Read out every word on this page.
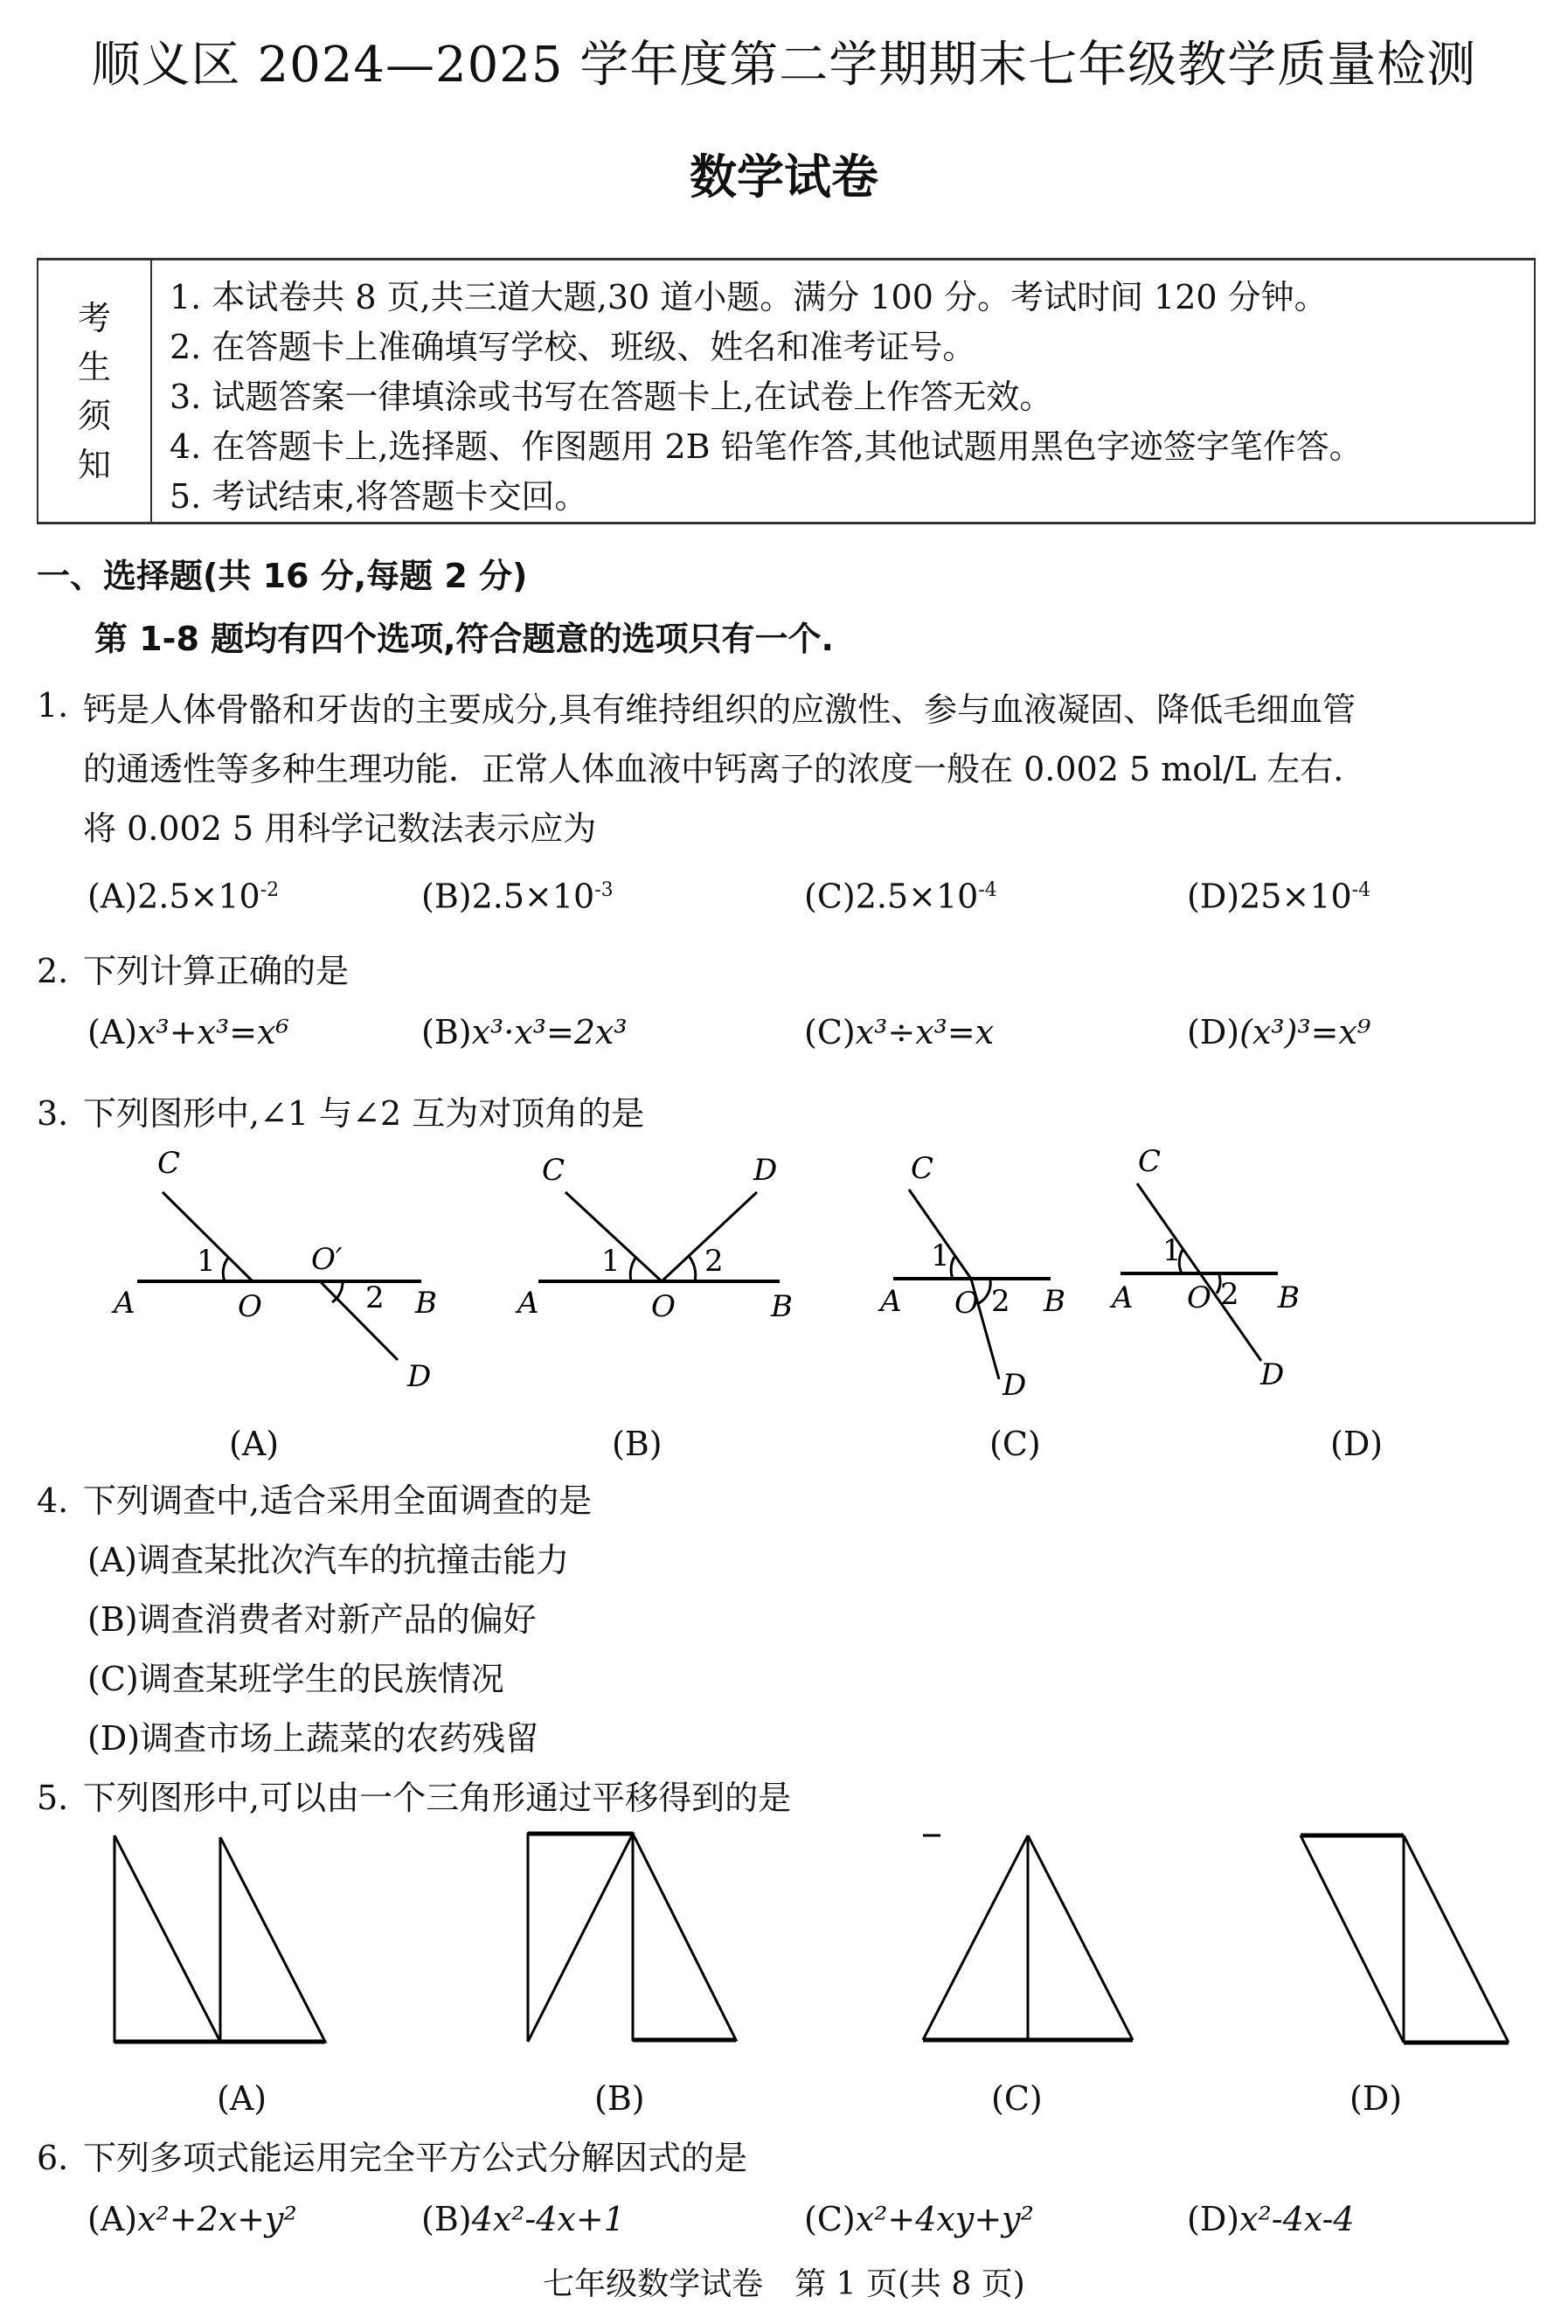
顺义区 2024—2025 学年度第二学期期末七年级教学质量检测
数学试卷
考
生
须
知
1. 本试卷共 8 页,共三道大题,30 道小题。满分 100 分。考试时间 120 分钟。
2. 在答题卡上准确填写学校、班级、姓名和准考证号。
3. 试题答案一律填涂或书写在答题卡上,在试卷上作答无效。
4. 在答题卡上,选择题、作图题用 2B 铅笔作答,其他试题用黑色字迹签字笔作答。
5. 考试结束,将答题卡交回。
一、选择题(共 16 分,每题 2 分)
第 1-8 题均有四个选项,符合题意的选项只有一个.
1. 钙是人体骨骼和牙齿的主要成分,具有维持组织的应激性、参与血液凝固、降低毛细血管
的通透性等多种生理功能．正常人体血液中钙离子的浓度一般在 0.002 5 mol/L 左右．
将 0.002 5 用科学记数法表示应为
$(A)2.5\times 10^{-2}$	$(B)2.5\times 10^{-3}$	$(C)2.5\times 10^{-4}$	$(D)25\times 10^{-4}$
2. 下列计算正确的是
(A)x³+x³=x⁶	(B)x³·x³=2x³	(C)x³÷x³=x	(D)(x³)³=x⁹
3. 下列图形中,∠1 与∠2 互为对顶角的是
C
1	O′
A	O	2 B
D
C	D
1	2
A	O	B
C
1
A O 2 B
D
C
1
A O 2 B
D
(A)	(B)	(C)	(D)
4. 下列调查中,适合采用全面调查的是
(A)调查某批次汽车的抗撞击能力
(B)调查消费者对新产品的偏好
(C)调查某班学生的民族情况
(D)调查市场上蔬菜的农药残留
5. 下列图形中,可以由一个三角形通过平移得到的是
(A)	(B)	(C)	(D)
6. 下列多项式能运用完全平方公式分解因式的是
(A)x²+2x+y²	(B)4x²-4x+1	(C)x²+4xy+y²	(D)x²-4x-4
七年级数学试卷　第 1 页(共 8 页)
